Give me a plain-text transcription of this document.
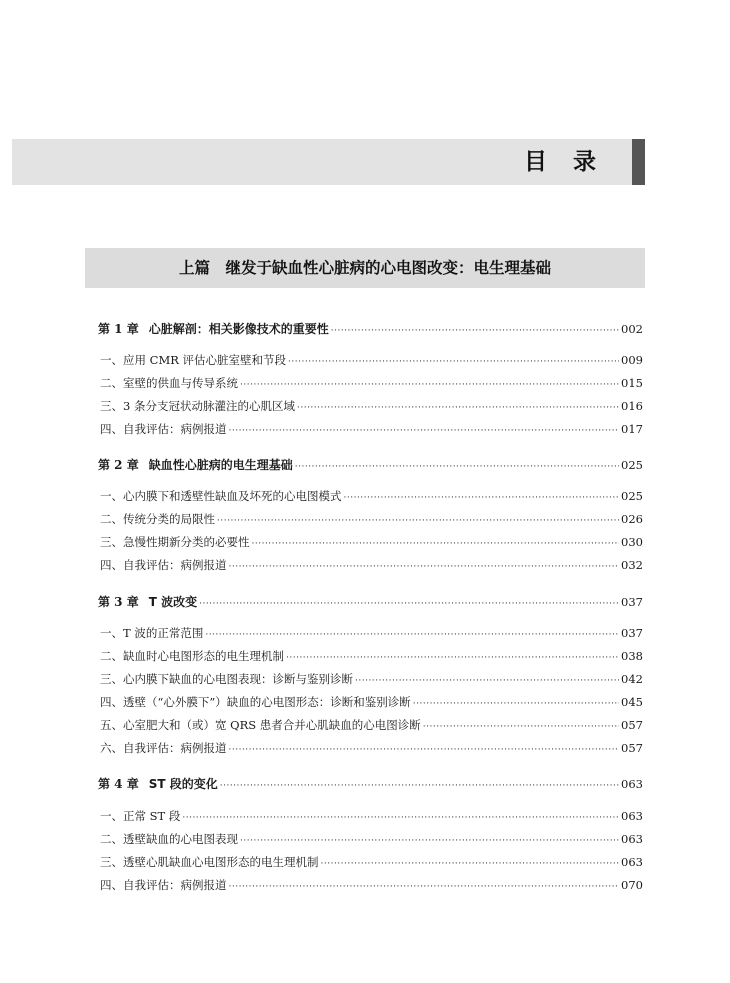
目录
上篇　继发于缺血性心脏病的心电图改变：电生理基础
第 1 章 心脏解剖：相关影像技术的重要性 ·····	002
一、应用 CMR 评估心脏室壁和节段 ·····	009
二、室壁的供血与传导系统 ·····	015
三、3 条分支冠状动脉灌注的心肌区域 ·····	016
四、自我评估：病例报道 ·····	017
第 2 章 缺血性心脏病的电生理基础 ·····	025
一、心内膜下和透壁性缺血及坏死的心电图模式 ·····	025
二、传统分类的局限性 ·····	026
三、急慢性期新分类的必要性 ·····	030
四、自我评估：病例报道 ·····	032
第 3 章 T 波改变 ·····	037
一、T 波的正常范围 ·····	037
二、缺血时心电图形态的电生理机制 ·····	038
三、心内膜下缺血的心电图表现：诊断与鉴别诊断 ·····	042
四、透壁（“心外膜下”）缺血的心电图形态：诊断和鉴别诊断 ·····	045
五、心室肥大和（或）宽 QRS 患者合并心肌缺血的心电图诊断 ·····	057
六、自我评估：病例报道 ·····	057
第 4 章 ST 段的变化 ·····	063
一、正常 ST 段 ·····	063
二、透壁缺血的心电图表现 ·····	063
三、透壁心肌缺血心电图形态的电生理机制 ·····	063
四、自我评估：病例报道 ·····	070
